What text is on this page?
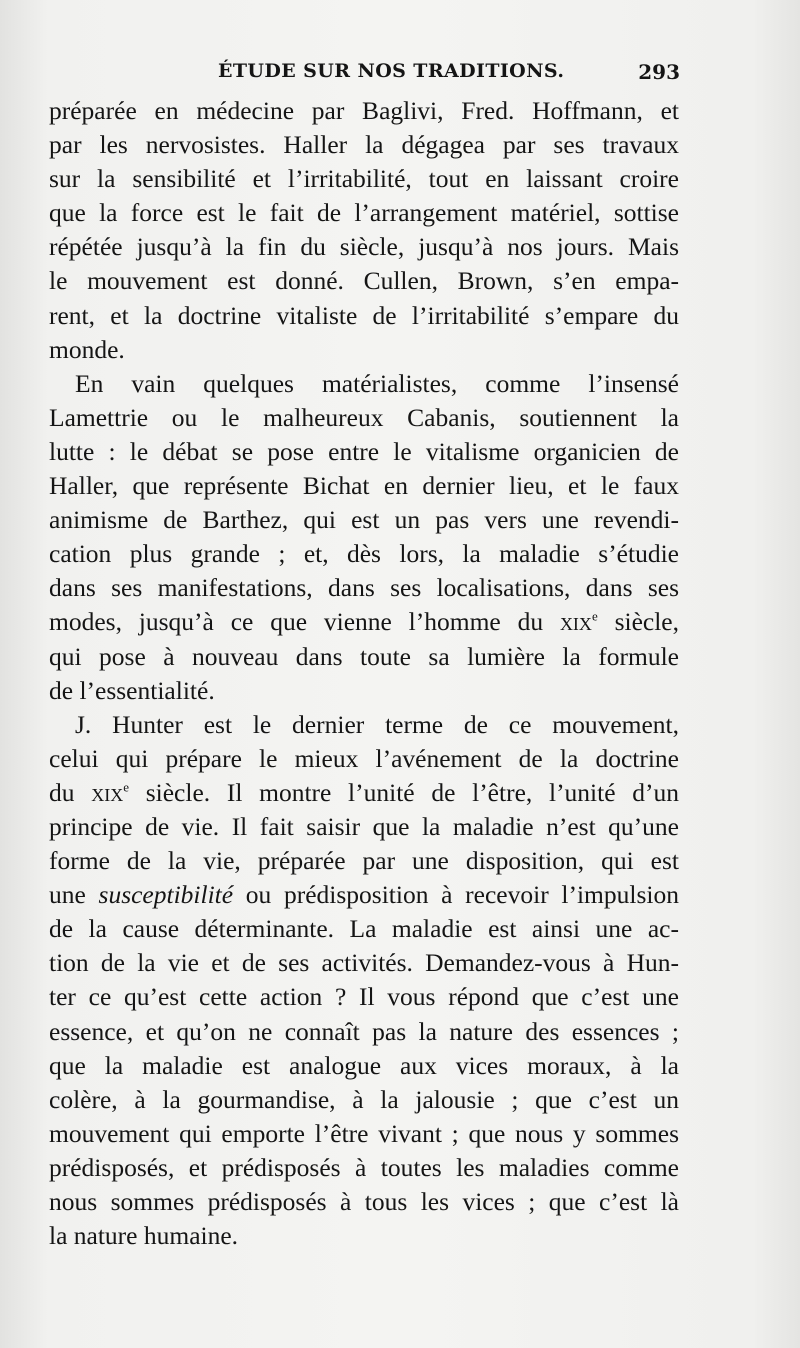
ÉTUDE SUR NOS TRADITIONS.	293
préparée en médecine par Baglivi, Fred. Hoffmann, et
par les nervosistes. Haller la dégagea par ses travaux
sur la sensibilité et l’irritabilité, tout en laissant croire
que la force est le fait de l’arrangement matériel, sottise
répétée jusqu’à la fin du siècle, jusqu’à nos jours. Mais
le mouvement est donné. Cullen, Brown, s’en empa-
rent, et la doctrine vitaliste de l’irritabilité s’empare du
monde.
En vain quelques matérialistes, comme l’insensé
Lamettrie ou le malheureux Cabanis, soutiennent la
lutte : le débat se pose entre le vitalisme organicien de
Haller, que représente Bichat en dernier lieu, et le faux
animisme de Barthez, qui est un pas vers une revendi-
cation plus grande ; et, dès lors, la maladie s’étudie
dans ses manifestations, dans ses localisations, dans ses
modes, jusqu’à ce que vienne l’homme du xix$^e$ siècle,
qui pose à nouveau dans toute sa lumière la formule
de l’essentialité.
J. Hunter est le dernier terme de ce mouvement,
celui qui prépare le mieux l’avénement de la doctrine
du xix$^e$ siècle. Il montre l’unité de l’être, l’unité d’un
principe de vie. Il fait saisir que la maladie n’est qu’une
forme de la vie, préparée par une disposition, qui est
une susceptibilité ou prédisposition à recevoir l’impulsion
de la cause déterminante. La maladie est ainsi une ac-
tion de la vie et de ses activités. Demandez-vous à Hun-
ter ce qu’est cette action ? Il vous répond que c’est une
essence, et qu’on ne connaît pas la nature des essences ;
que la maladie est analogue aux vices moraux, à la
colère, à la gourmandise, à la jalousie ; que c’est un
mouvement qui emporte l’être vivant ; que nous y sommes
prédisposés, et prédisposés à toutes les maladies comme
nous sommes prédisposés à tous les vices ; que c’est là
la nature humaine.
